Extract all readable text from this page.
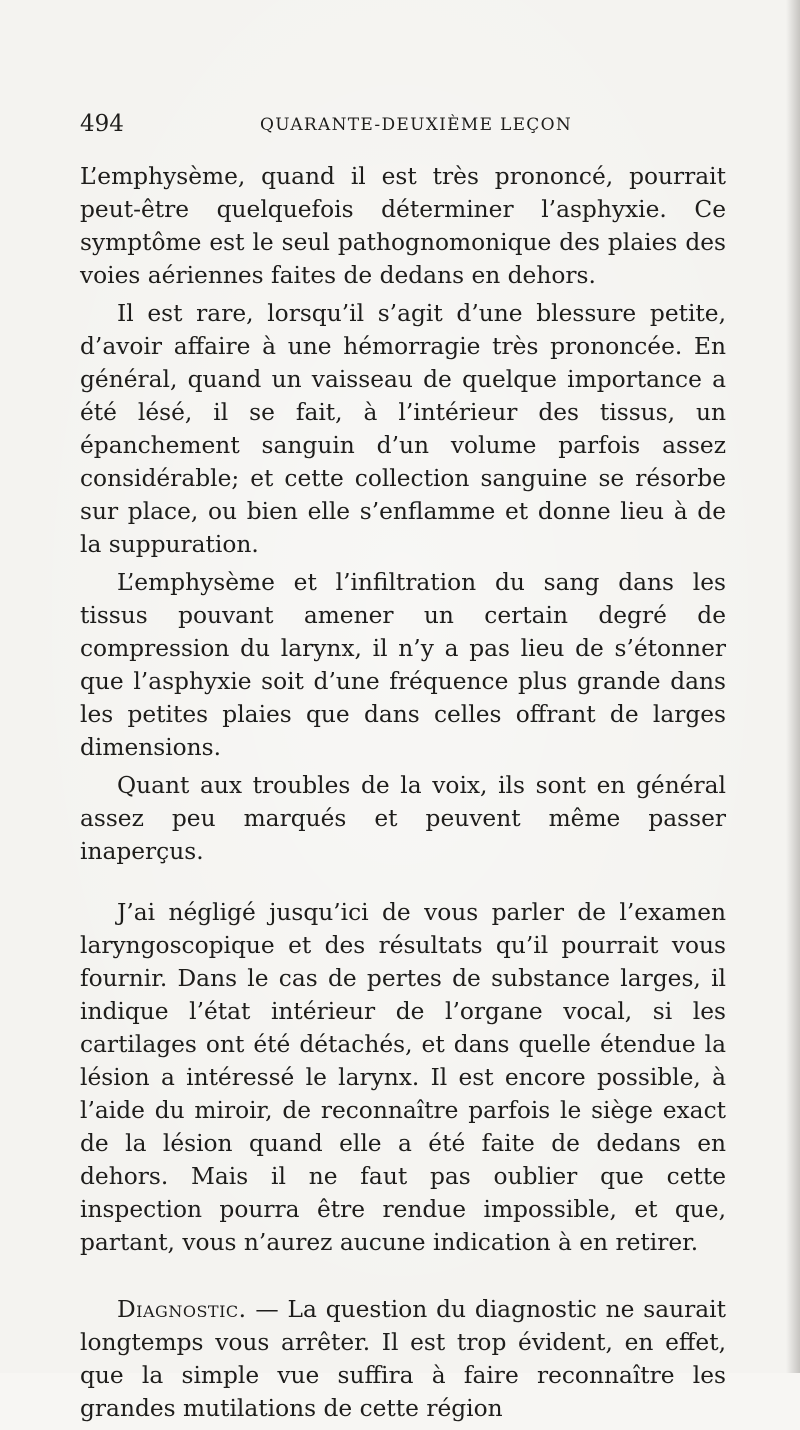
494	QUARANTE-DEUXIÈME LEÇON

L’emphysème, quand il est très prononcé, pourrait peut-être quelquefois déterminer l’asphyxie. Ce symptôme est le seul pathognomonique des plaies des voies aériennes faites de dedans en dehors.

Il est rare, lorsqu’il s’agit d’une blessure petite, d’avoir affaire à une hémorragie très prononcée. En général, quand un vaisseau de quelque importance a été lésé, il se fait, à l’intérieur des tissus, un épanchement sanguin d’un volume parfois assez considérable; et cette collection sanguine se résorbe sur place, ou bien elle s’enflamme et donne lieu à de la suppuration.

L’emphysème et l’infiltration du sang dans les tissus pouvant amener un certain degré de compression du larynx, il n’y a pas lieu de s’étonner que l’asphyxie soit d’une fréquence plus grande dans les petites plaies que dans celles offrant de larges dimensions.

Quant aux troubles de la voix, ils sont en général assez peu marqués et peuvent même passer inaperçus.

J’ai négligé jusqu’ici de vous parler de l’examen laryngoscopique et des résultats qu’il pourrait vous fournir. Dans le cas de pertes de substance larges, il indique l’état intérieur de l’organe vocal, si les cartilages ont été détachés, et dans quelle étendue la lésion a intéressé le larynx. Il est encore possible, à l’aide du miroir, de reconnaître parfois le siège exact de la lésion quand elle a été faite de dedans en dehors. Mais il ne faut pas oublier que cette inspection pourra être rendue impossible, et que, partant, vous n’aurez aucune indication à en retirer.

Diagnostic. — La question du diagnostic ne saurait longtemps vous arrêter. Il est trop évident, en effet, que la simple vue suffira à faire reconnaître les grandes mutilations de cette région
